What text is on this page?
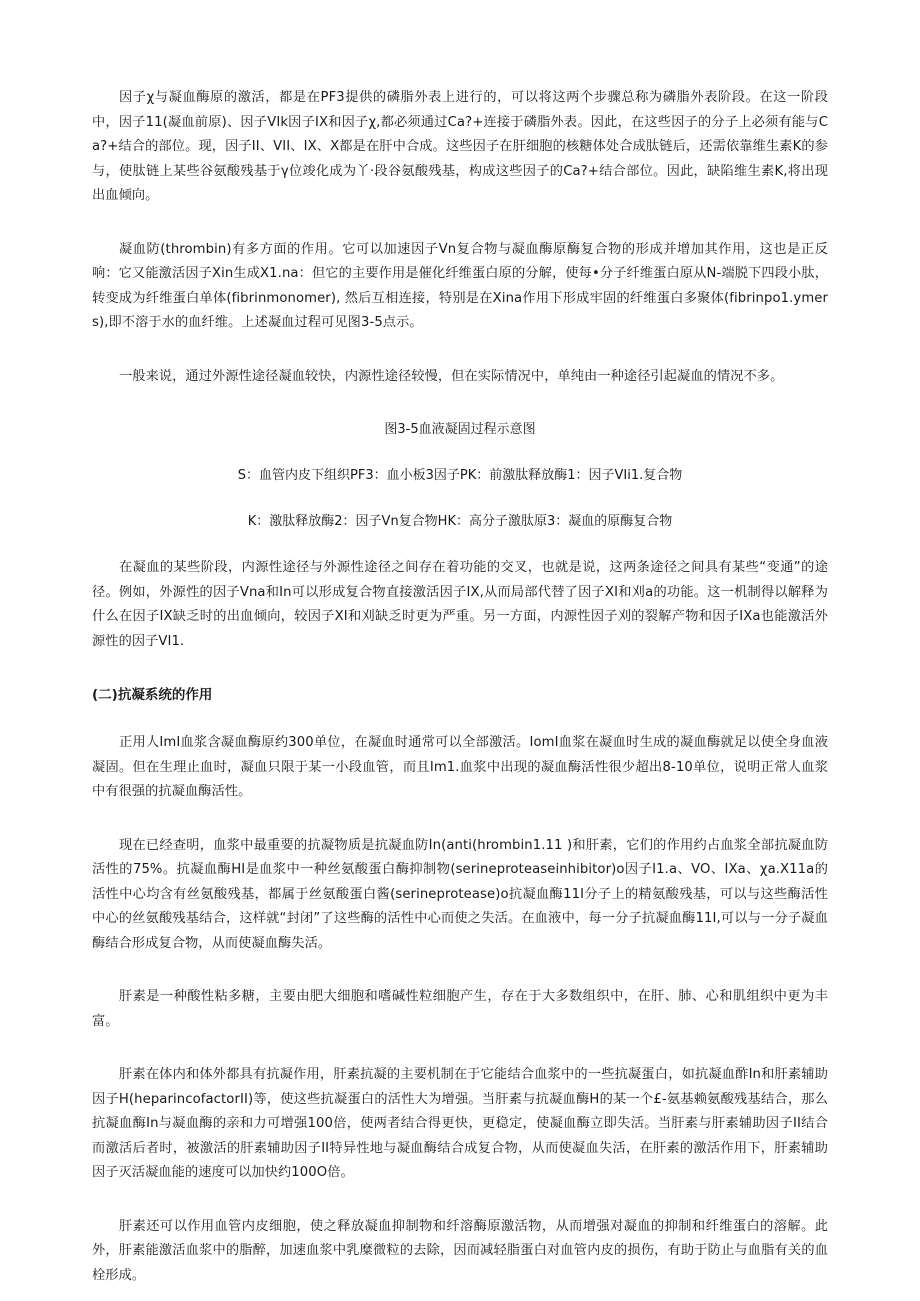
因子χ与凝血酶原的激活，都是在PF3提供的磷脂外表上进行的，可以将这两个步骤总称为磷脂外表阶段。在这一阶段中，因子11(凝血前原)、因子VIk因子IX和因子χ,都必须通过Ca?+连接于磷脂外表。因此，在这些因子的分子上必须有能与Ca?+结合的部位。现，因子II、VII、IX、X都是在肝中合成。这些因子在肝细胞的核糖体处合成肽链后，还需依靠维生素K的参与，使肽链上某些谷氨酸残基于γ位竣化成为丫·段谷氨酸残基，构成这些因子的Ca?+结合部位。因此，缺陷维生素K,将出现出血倾向。

凝血防(thrombin)有多方面的作用。它可以加速因子Vn复合物与凝血酶原酶复合物的形成并增加其作用，这也是正反响：它又能激活因子Xin生成X1.na：但它的主要作用是催化纤维蛋白原的分解，使每•分子纤维蛋白原从N-端脱下四段小肽，转变成为纤维蛋白单体(fibrinmonomer), 然后互相连接，特别是在Xina作用下形成牢固的纤维蛋白多聚体(fibrinpo1.ymers),即不溶于水的血纤维。上述凝血过程可见图3-5点示。

一般来说，通过外源性途径凝血较快，内源性途径较慢，但在实际情况中，单纯由一种途径引起凝血的情况不多。

图3-5血液凝固过程示意图

S：血管内皮下组织PF3：血小板3因子PK：前激肽释放酶1：因子VIi1.复合物

K：激肽释放酶2：因子Vn复合物HK：高分子激肽原3：凝血的原酶复合物

在凝血的某些阶段，内源性途径与外源性途径之间存在着功能的交叉，也就是说，这两条途径之间具有某些“变通”的途径。例如，外源性的因子Vna和In可以形成复合物直接激活因子IX,从而局部代替了因子XI和刈a的功能。这一机制得以解释为什么在因子IX缺乏时的出血倾向，较因子XI和刈缺乏时更为严重。另一方面，内源性因子刈的裂解产物和因子IXa也能激活外源性的因子VI1.

(二)抗凝系统的作用

正用人ImI血浆含凝血酶原约300单位，在凝血时通常可以全部激活。IomI血浆在凝血时生成的凝血酶就足以使全身血液凝固。但在生理止血时，凝血只限于某一小段血管，而且Im1.血浆中出现的凝血酶活性很少超出8-10单位，说明正常人血浆中有很强的抗凝血酶活性。

现在已经查明，血浆中最重要的抗凝物质是抗凝血防In(anti(hrombin1.11 )和肝素，它们的作用约占血浆全部抗凝血防活性的75%。抗凝血酶HI是血浆中一种丝氨酸蛋白酶抑制物(serineproteaseinhibitor)o因子I1.a、VO、IXa、χa.X11a的活性中心均含有丝氨酸残基，都属于丝氨酸蛋白酱(serineprotease)o抗凝血酶11I分子上的精氨酸残基，可以与这些酶活性中心的丝氨酸残基结合，这样就“封闭”了这些酶的活性中心而使之失活。在血液中，每一分子抗凝血酶11I,可以与一分子凝血酶结合形成复合物，从而使凝血酶失活。

肝素是一种酸性粘多糖，主要由肥大细胞和嗜碱性粒细胞产生，存在于大多数组织中，在肝、肺、心和肌组织中更为丰富。

肝素在体内和体外都具有抗凝作用，肝素抗凝的主要机制在于它能结合血浆中的一些抗凝蛋白，如抗凝血酢In和肝素辅助因子H(heparincofactorII)等，使这些抗凝蛋白的活性大为增强。当肝素与抗凝血酶H的某一个£-氨基赖氨酸残基结合，那么抗凝血酶In与凝血酶的亲和力可增强100倍，使两者结合得更快，更稳定，使凝血酶立即失活。当肝素与肝素辅助因子II结合而激活后者时，被激活的肝素辅助因子II特异性地与凝血酶结合成复合物，从而使凝血失活，在肝素的激活作用下，肝素辅助因子灭活凝血能的速度可以加快约100O倍。

肝素还可以作用血管内皮细胞，使之释放凝血抑制物和纤溶酶原激活物，从而增强对凝血的抑制和纤维蛋白的溶解。此外，肝素能激活血浆中的脂醉，加速血浆中乳糜微粒的去除，因而减轻脂蛋白对血管内皮的损伤，有助于防止与血脂有关的血栓形成。
